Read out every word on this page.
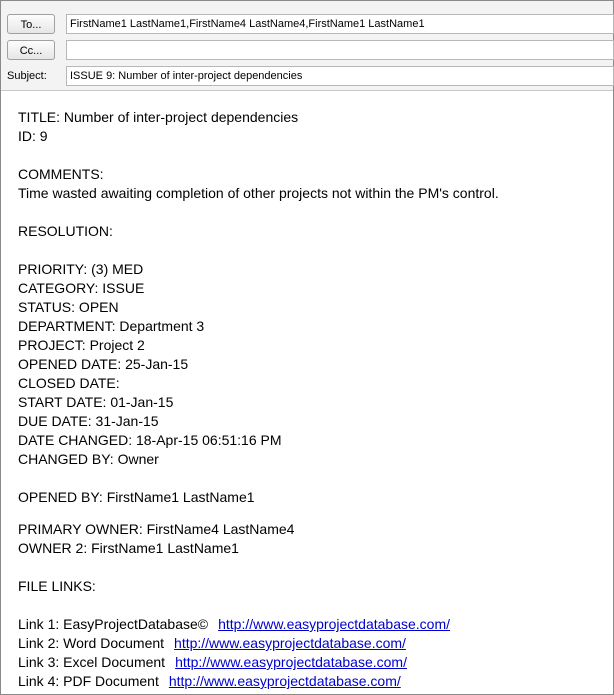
To...
Cc...
Subject:
FirstName1 LastName1,FirstName4 LastName4,FirstName1 LastName1
ISSUE 9: Number of inter-project dependencies
TITLE: Number of inter-project dependencies
ID: 9
COMMENTS:
Time wasted awaiting completion of other projects not within the PM's control.
RESOLUTION:
PRIORITY: (3) MED
CATEGORY: ISSUE
STATUS: OPEN
DEPARTMENT: Department 3
PROJECT: Project 2
OPENED DATE: 25-Jan-15
CLOSED DATE:
START DATE: 01-Jan-15
DUE DATE: 31-Jan-15
DATE CHANGED: 18-Apr-15 06:51:16 PM
CHANGED BY: Owner
OPENED BY: FirstName1 LastName1
PRIMARY OWNER: FirstName4 LastName4
OWNER 2: FirstName1 LastName1
FILE LINKS:
Link 1: EasyProjectDatabase© http://www.easyprojectdatabase.com/
Link 2: Word Document http://www.easyprojectdatabase.com/
Link 3: Excel Document http://www.easyprojectdatabase.com/
Link 4: PDF Document http://www.easyprojectdatabase.com/
